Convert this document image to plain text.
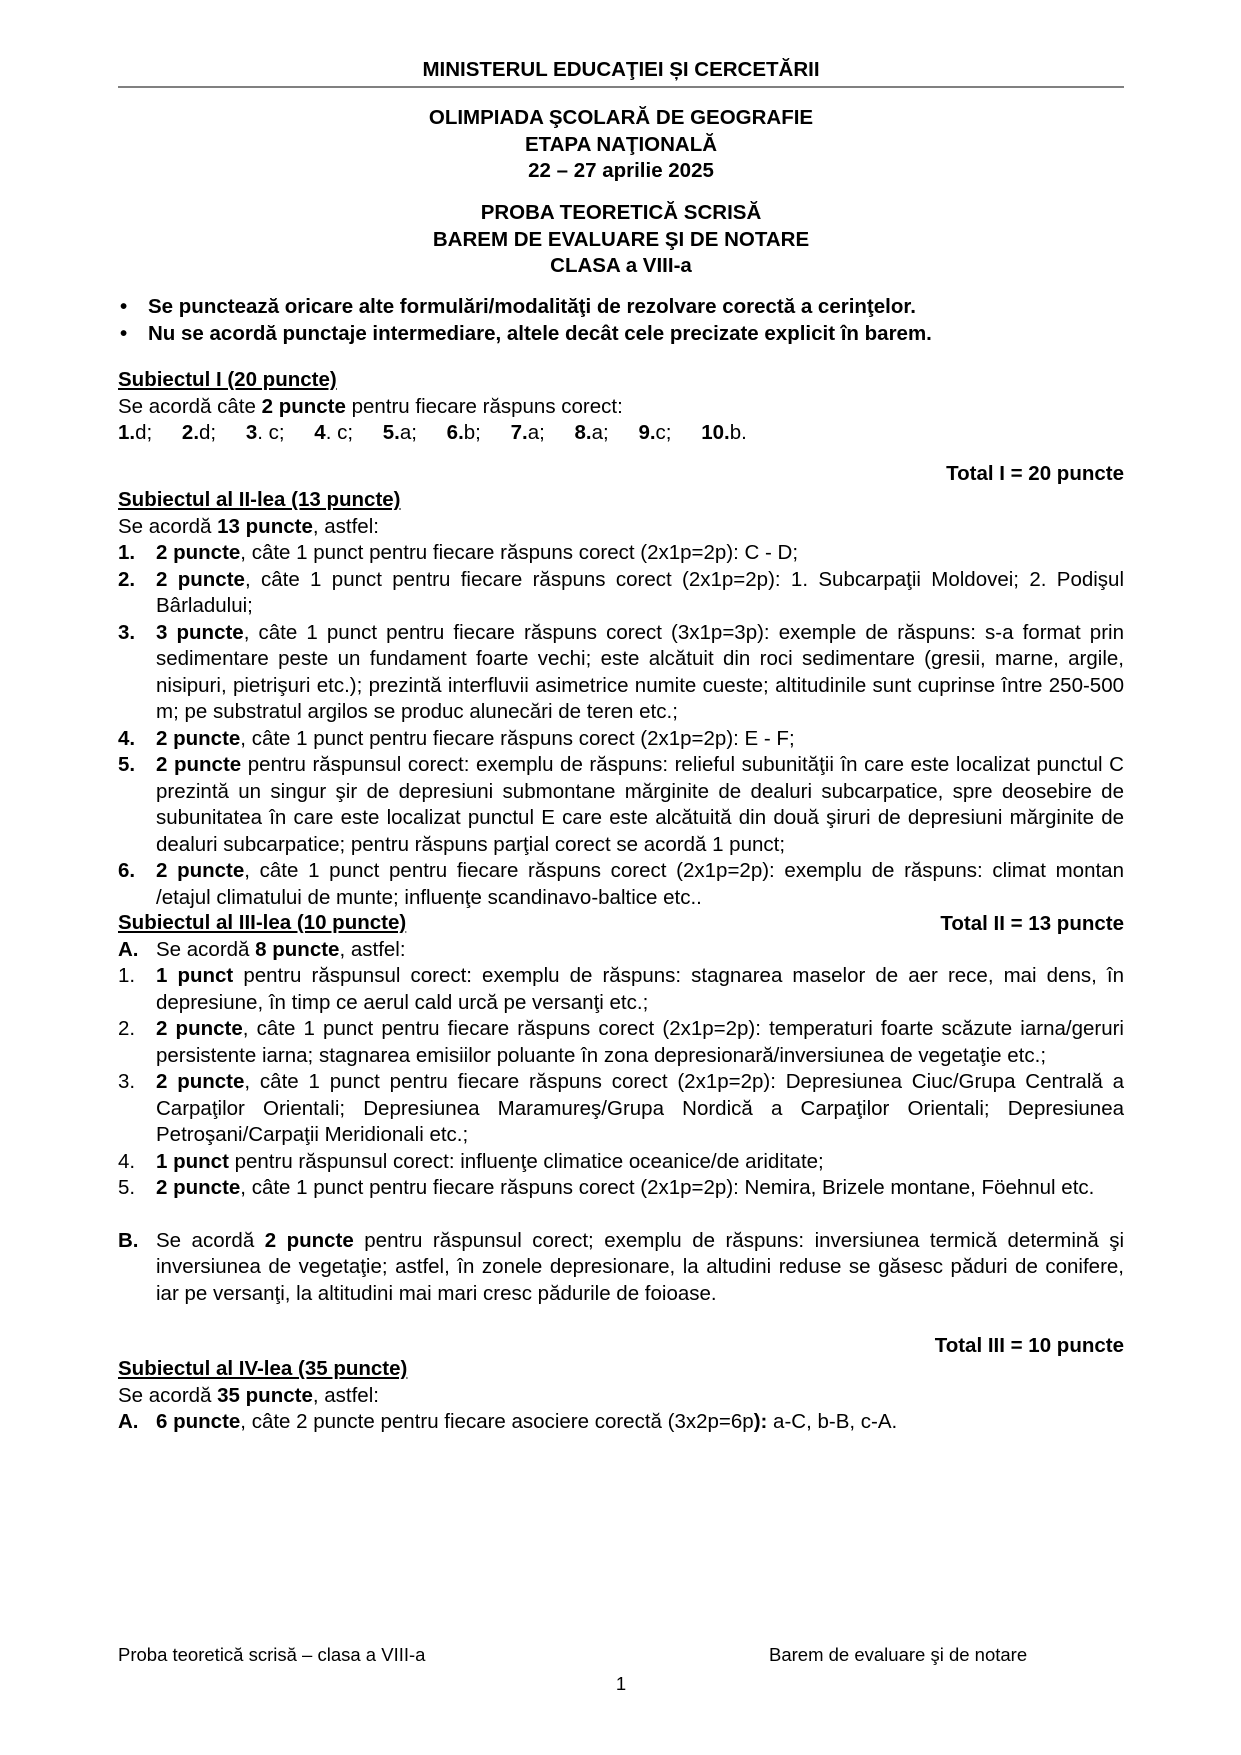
MINISTERUL EDUCAŢIEI ȘI CERCETĂRII
OLIMPIADA ŞCOLARĂ DE GEOGRAFIE
ETAPA NAŢIONALĂ
22 – 27 aprilie 2025
PROBA TEORETICĂ SCRISĂ
BAREM DE EVALUARE ŞI DE NOTARE
CLASA a VIII-a
• Se punctează oricare alte formulări/modalităţi de rezolvare corectă a cerinţelor.
• Nu se acordă punctaje intermediare, altele decât cele precizate explicit în barem.
Subiectul I (20 puncte)
Se acordă câte 2 puncte pentru fiecare răspuns corect:
1.d; 2.d; 3. c; 4. c; 5.a; 6.b; 7.a; 8.a; 9.c; 10.b.
Total I = 20 puncte
Subiectul al II-lea (13 puncte)
Se acordă 13 puncte, astfel:
1. 2 puncte, câte 1 punct pentru fiecare răspuns corect (2x1p=2p): C - D;
2. 2 puncte, câte 1 punct pentru fiecare răspuns corect (2x1p=2p): 1. Subcarpaţii Moldovei; 2. Podişul Bârladului;
3. 3 puncte, câte 1 punct pentru fiecare răspuns corect (3x1p=3p): exemple de răspuns: s-a format prin sedimentare peste un fundament foarte vechi; este alcătuit din roci sedimentare (gresii, marne, argile, nisipuri, pietrişuri etc.); prezintă interfluvii asimetrice numite cueste; altitudinile sunt cuprinse între 250-500 m; pe substratul argilos se produc alunecări de teren etc.;
4. 2 puncte, câte 1 punct pentru fiecare răspuns corect (2x1p=2p): E - F;
5. 2 puncte pentru răspunsul corect: exemplu de răspuns: relieful subunităţii în care este localizat punctul C prezintă un singur şir de depresiuni submontane mărginite de dealuri subcarpatice, spre deosebire de subunitatea în care este localizat punctul E care este alcătuită din două şiruri de depresiuni mărginite de dealuri subcarpatice; pentru răspuns parţial corect se acordă 1 punct;
6. 2 puncte, câte 1 punct pentru fiecare răspuns corect (2x1p=2p): exemplu de răspuns: climat montan /etajul climatului de munte; influenţe scandinavo-baltice etc..
Total II = 13 puncte
Subiectul al III-lea (10 puncte)
A. Se acordă 8 puncte, astfel:
1. 1 punct pentru răspunsul corect: exemplu de răspuns: stagnarea maselor de aer rece, mai dens, în depresiune, în timp ce aerul cald urcă pe versanţi etc.;
2. 2 puncte, câte 1 punct pentru fiecare răspuns corect (2x1p=2p): temperaturi foarte scăzute iarna/geruri persistente iarna; stagnarea emisiilor poluante în zona depresionară/inversiunea de vegetaţie etc.;
3. 2 puncte, câte 1 punct pentru fiecare răspuns corect (2x1p=2p): Depresiunea Ciuc/Grupa Centrală a Carpaţilor Orientali; Depresiunea Maramureş/Grupa Nordică a Carpaţilor Orientali; Depresiunea Petroşani/Carpaţii Meridionali etc.;
4. 1 punct pentru răspunsul corect: influenţe climatice oceanice/de ariditate;
5. 2 puncte, câte 1 punct pentru fiecare răspuns corect (2x1p=2p): Nemira, Brizele montane, Föehnul etc.
B. Se acordă 2 puncte pentru răspunsul corect; exemplu de răspuns: inversiunea termică determină şi inversiunea de vegetaţie; astfel, în zonele depresionare, la altudini reduse se găsesc păduri de conifere, iar pe versanţi, la altitudini mai mari cresc pădurile de foioase.
Total III = 10 puncte
Subiectul al IV-lea (35 puncte)
Se acordă 35 puncte, astfel:
A. 6 puncte, câte 2 puncte pentru fiecare asociere corectă (3x2p=6p): a-C, b-B, c-A.
Proba teoretică scrisă – clasa a VIII-a	Barem de evaluare şi de notare
1
